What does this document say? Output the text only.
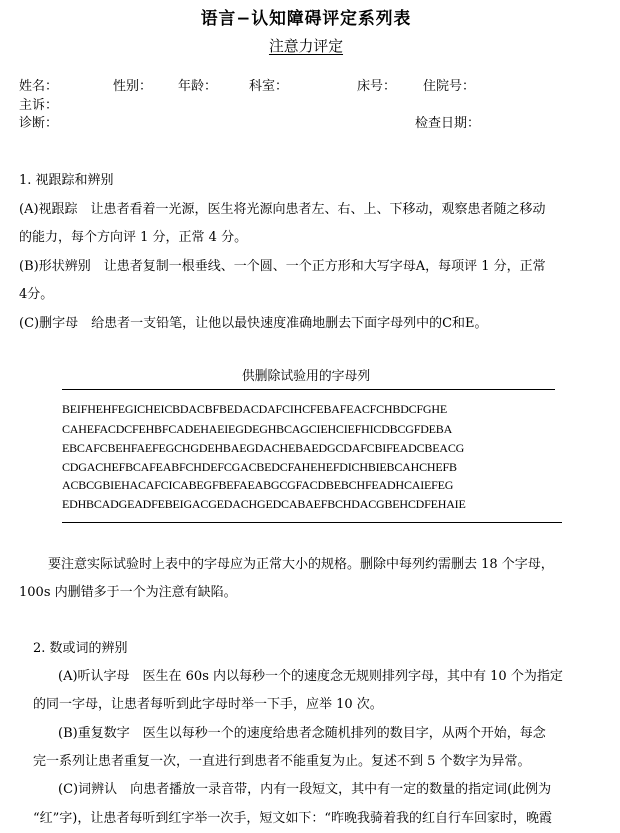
语言−认知障碍评定系列表
注意力评定
姓名：	性别： 年龄： 科室：	床号： 住院号：
主诉：
诊断：	检查日期：
1. 视跟踪和辨别
(A)视跟踪　让患者看着一光源，医生将光源向患者左、右、上、下移动，观察患者随之移动
的能力，每个方向评 1 分，正常 4 分。
(B)形状辨别　让患者复制一根垂线、一个圆、一个正方形和大写字母A，每项评 1 分，正常
4分。
(C)删字母　给患者一支铅笔，让他以最快速度准确地删去下面字母列中的C和E。
供删除试验用的字母列
BEIFHEHFEGICHEICBDACBFBEDACDAFCIHCFEBAFEACFCHBDCFGHE
CAHEFACDCFEHBFCADEHAEIEGDEGHBCAGCIEHCIEFHICDBCGFDEBA
EBCAFCBEHFAEFEGCHGDEHBAEGDACHEBAEDGCDAFCBIFEADCBEACG
CDGACHEFBCAFEABFCHDEFCGACBEDCFAHEHEFDICHBIEBCAHCHEFB
ACBCGBIEHACAFCICABEGFBEFAEABGCGFACDBEBCHFEADHCAIEFEG
EDHBCADGEADFEBEIGACGEDACHGEDCABAEFBCHDACGBEHCDFEHAIE
要注意实际试验时上表中的字母应为正常大小的规格。删除中每列约需删去 18 个字母，
100s 内删错多于一个为注意有缺陷。
2. 数或词的辨别
(A)听认字母　医生在 60s 内以每秒一个的速度念无规则排列字母，其中有 10 个为指定
的同一字母，让患者每听到此字母时举一下手，应举 10 次。
(B)重复数字　医生以每秒一个的速度给患者念随机排列的数目字，从两个开始，每念
完一系列让患者重复一次，一直进行到患者不能重复为止。复述不到 5 个数字为异常。
(C)词辨认　向患者播放一录音带，内有一段短文，其中有一定的数量的指定词(此例为
“红”字)，让患者每听到红字举一次手，短文如下：“昨晚我骑着我的红自行车回家时，晚霞
